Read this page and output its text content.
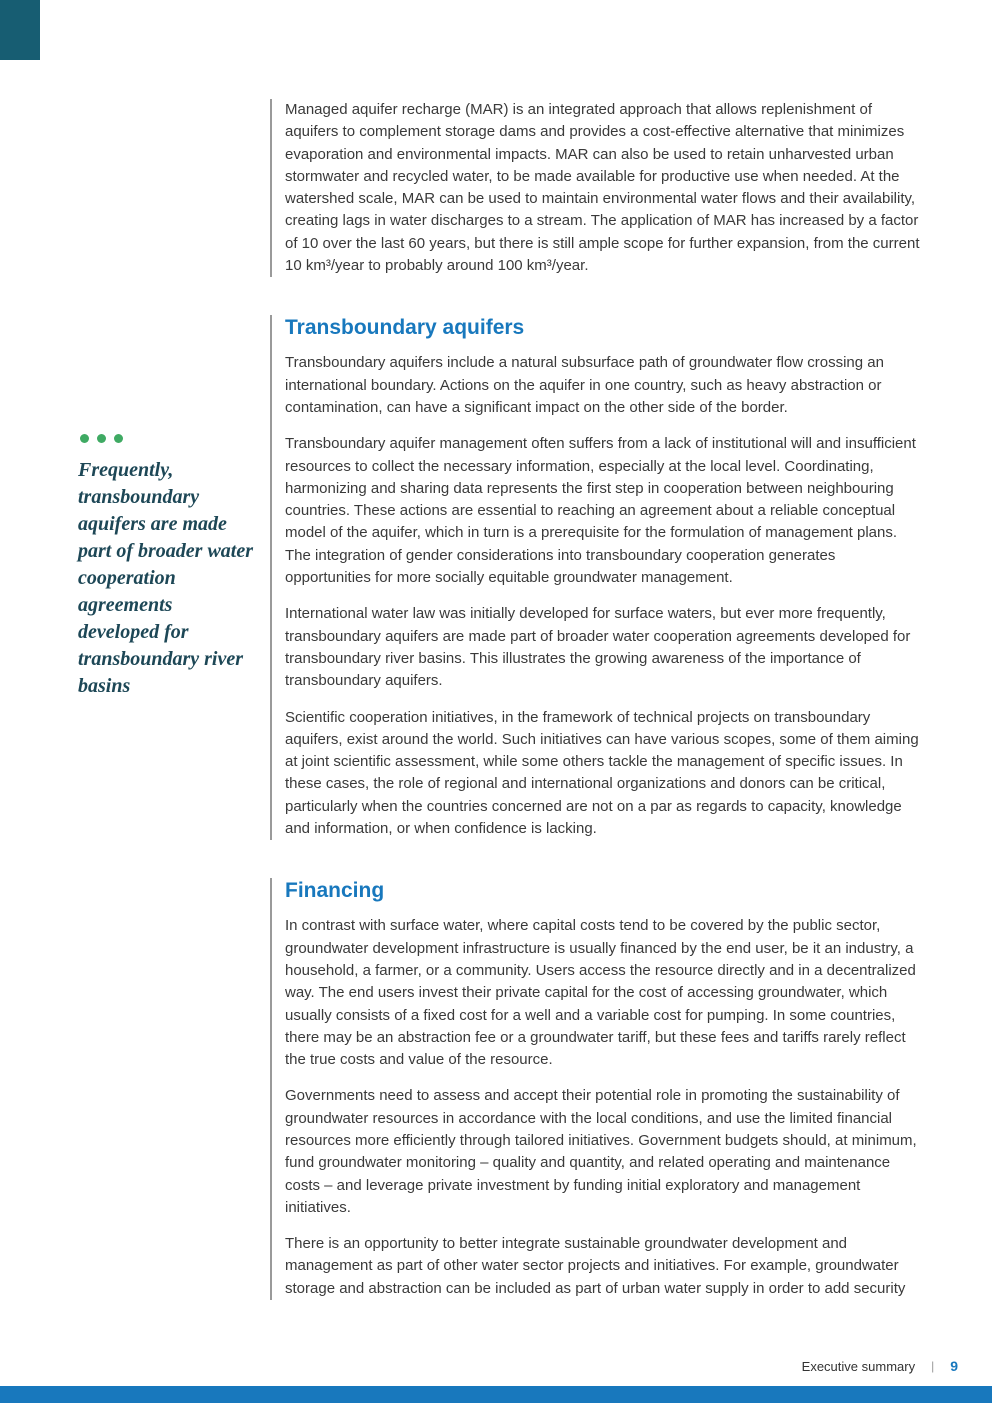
Frequently, transboundary aquifers are made part of broader water cooperation agreements developed for transboundary river basins

Managed aquifer recharge (MAR) is an integrated approach that allows replenishment of aquifers to complement storage dams and provides a cost-effective alternative that minimizes evaporation and environmental impacts. MAR can also be used to retain unharvested urban stormwater and recycled water, to be made available for productive use when needed. At the watershed scale, MAR can be used to maintain environmental water flows and their availability, creating lags in water discharges to a stream. The application of MAR has increased by a factor of 10 over the last 60 years, but there is still ample scope for further expansion, from the current 10 km³/year to probably around 100 km³/year.

Transboundary aquifers

Transboundary aquifers include a natural subsurface path of groundwater flow crossing an international boundary. Actions on the aquifer in one country, such as heavy abstraction or contamination, can have a significant impact on the other side of the border.

Transboundary aquifer management often suffers from a lack of institutional will and insufficient resources to collect the necessary information, especially at the local level. Coordinating, harmonizing and sharing data represents the first step in cooperation between neighbouring countries. These actions are essential to reaching an agreement about a reliable conceptual model of the aquifer, which in turn is a prerequisite for the formulation of management plans. The integration of gender considerations into transboundary cooperation generates opportunities for more socially equitable groundwater management.

International water law was initially developed for surface waters, but ever more frequently, transboundary aquifers are made part of broader water cooperation agreements developed for transboundary river basins. This illustrates the growing awareness of the importance of transboundary aquifers.

Scientific cooperation initiatives, in the framework of technical projects on transboundary aquifers, exist around the world. Such initiatives can have various scopes, some of them aiming at joint scientific assessment, while some others tackle the management of specific issues. In these cases, the role of regional and international organizations and donors can be critical, particularly when the countries concerned are not on a par as regards to capacity, knowledge and information, or when confidence is lacking.

Financing

In contrast with surface water, where capital costs tend to be covered by the public sector, groundwater development infrastructure is usually financed by the end user, be it an industry, a household, a farmer, or a community. Users access the resource directly and in a decentralized way. The end users invest their private capital for the cost of accessing groundwater, which usually consists of a fixed cost for a well and a variable cost for pumping. In some countries, there may be an abstraction fee or a groundwater tariff, but these fees and tariffs rarely reflect the true costs and value of the resource.

Governments need to assess and accept their potential role in promoting the sustainability of groundwater resources in accordance with the local conditions, and use the limited financial resources more efficiently through tailored initiatives. Government budgets should, at minimum, fund groundwater monitoring – quality and quantity, and related operating and maintenance costs – and leverage private investment by funding initial exploratory and management initiatives.

There is an opportunity to better integrate sustainable groundwater development and management as part of other water sector projects and initiatives. For example, groundwater storage and abstraction can be included as part of urban water supply in order to add security

Executive summary | 9
